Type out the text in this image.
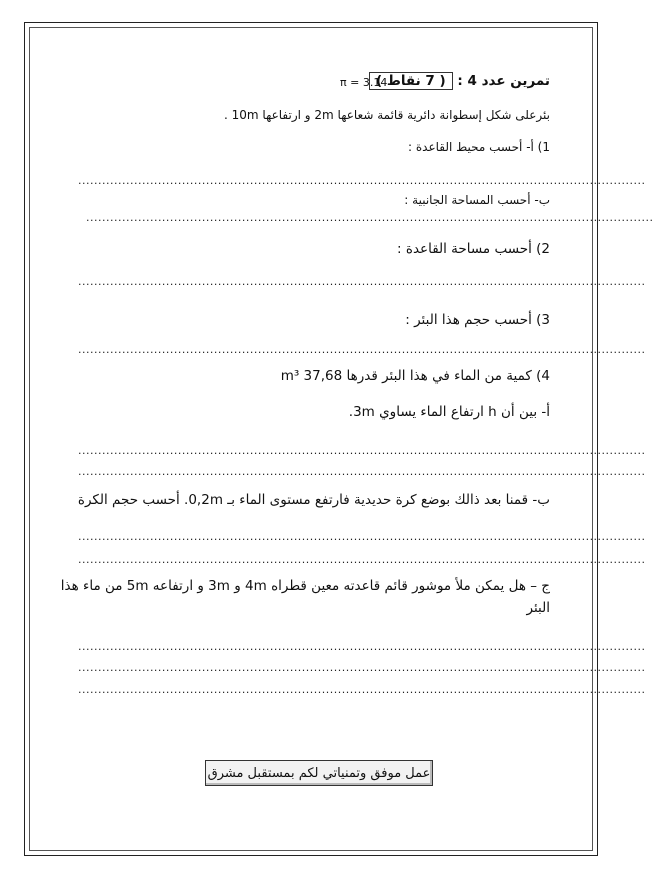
تمرين عدد 4 : ( 7 نقاط )
π = 3.14
بئرعلى شكل إسطوانة دائرية قائمة شعاعها 2m و ارتفاعها 10m .
1) أ- أحسب محيط القاعدة :
..............................................................................................................................................
ب- أحسب المساحة الجانبية :
..............................................................................................................................................
2) أحسب مساحة القاعدة :
..............................................................................................................................................
3) أحسب حجم هذا البئر :
..............................................................................................................................................
4) كمية من الماء في هذا البئر قدرها 37,68 m³
أ- بين أن h ارتفاع الماء يساوي 3m.
..............................................................................................................................................
..............................................................................................................................................
ب- قمنا بعد ذالك بوضع كرة حديدية فارتفع مستوى الماء بـ 0,2m. أحسب حجم الكرة
..............................................................................................................................................
..............................................................................................................................................
ج – هل يمكن ملأ موشور قائم قاعدته معين قطراه 4m و 3m و ارتفاعه 5m من ماء هذا
البئر
..............................................................................................................................................
..............................................................................................................................................
..............................................................................................................................................
عمل موفق وتمنياتي لكم بمستقبل مشرق
